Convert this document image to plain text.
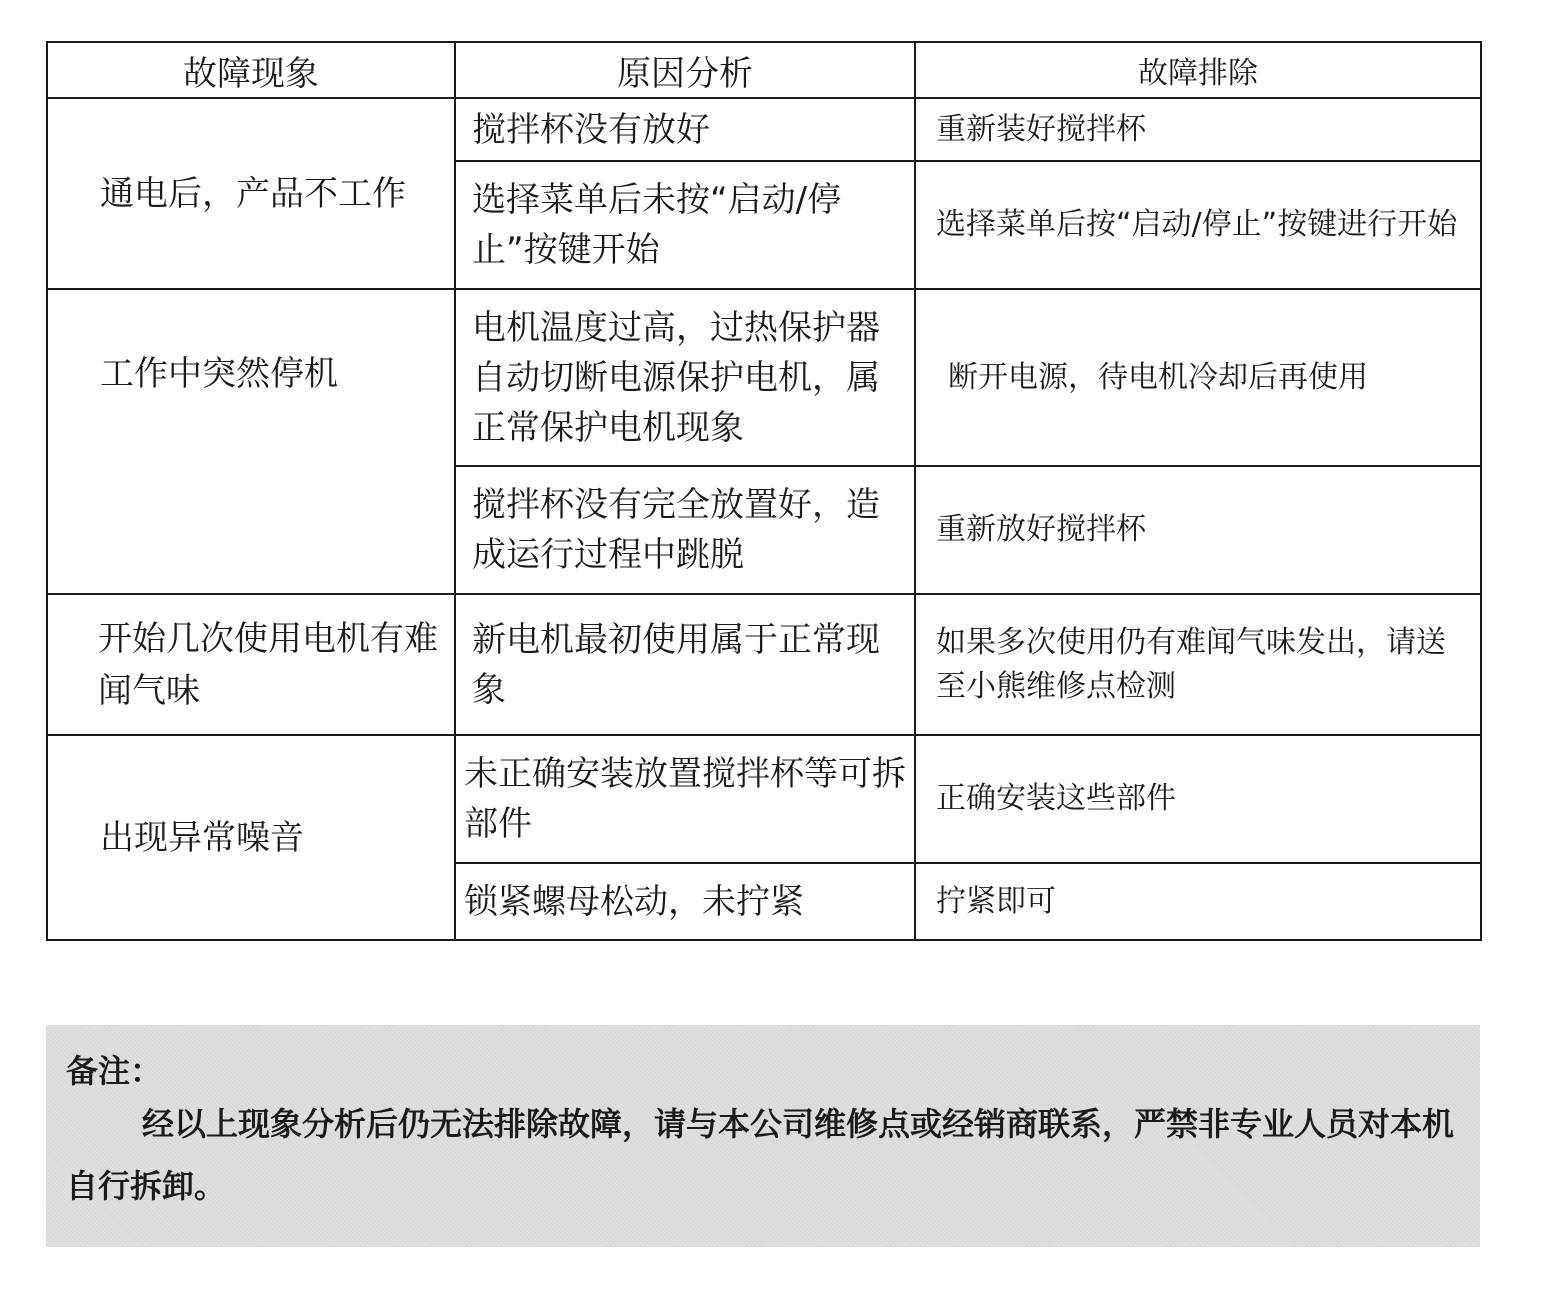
故障现象	原因分析	故障排除
通电后，产品不工作	搅拌杯没有放好	重新装好搅拌杯
	选择菜单后未按“启动/停止”按键开始	选择菜单后按“启动/停止”按键进行开始
工作中突然停机	电机温度过高，过热保护器自动切断电源保护电机，属正常保护电机现象	断开电源，待电机冷却后再使用
	搅拌杯没有完全放置好，造成运行过程中跳脱	重新放好搅拌杯
开始几次使用电机有难闻气味	新电机最初使用属于正常现象	如果多次使用仍有难闻气味发出，请送至小熊维修点检测
出现异常噪音	未正确安装放置搅拌杯等可拆部件	正确安装这些部件
	锁紧螺母松动，未拧紧	拧紧即可

备注：

经以上现象分析后仍无法排除故障，请与本公司维修点或经销商联系，严禁非专业人员对本机自行拆卸。
